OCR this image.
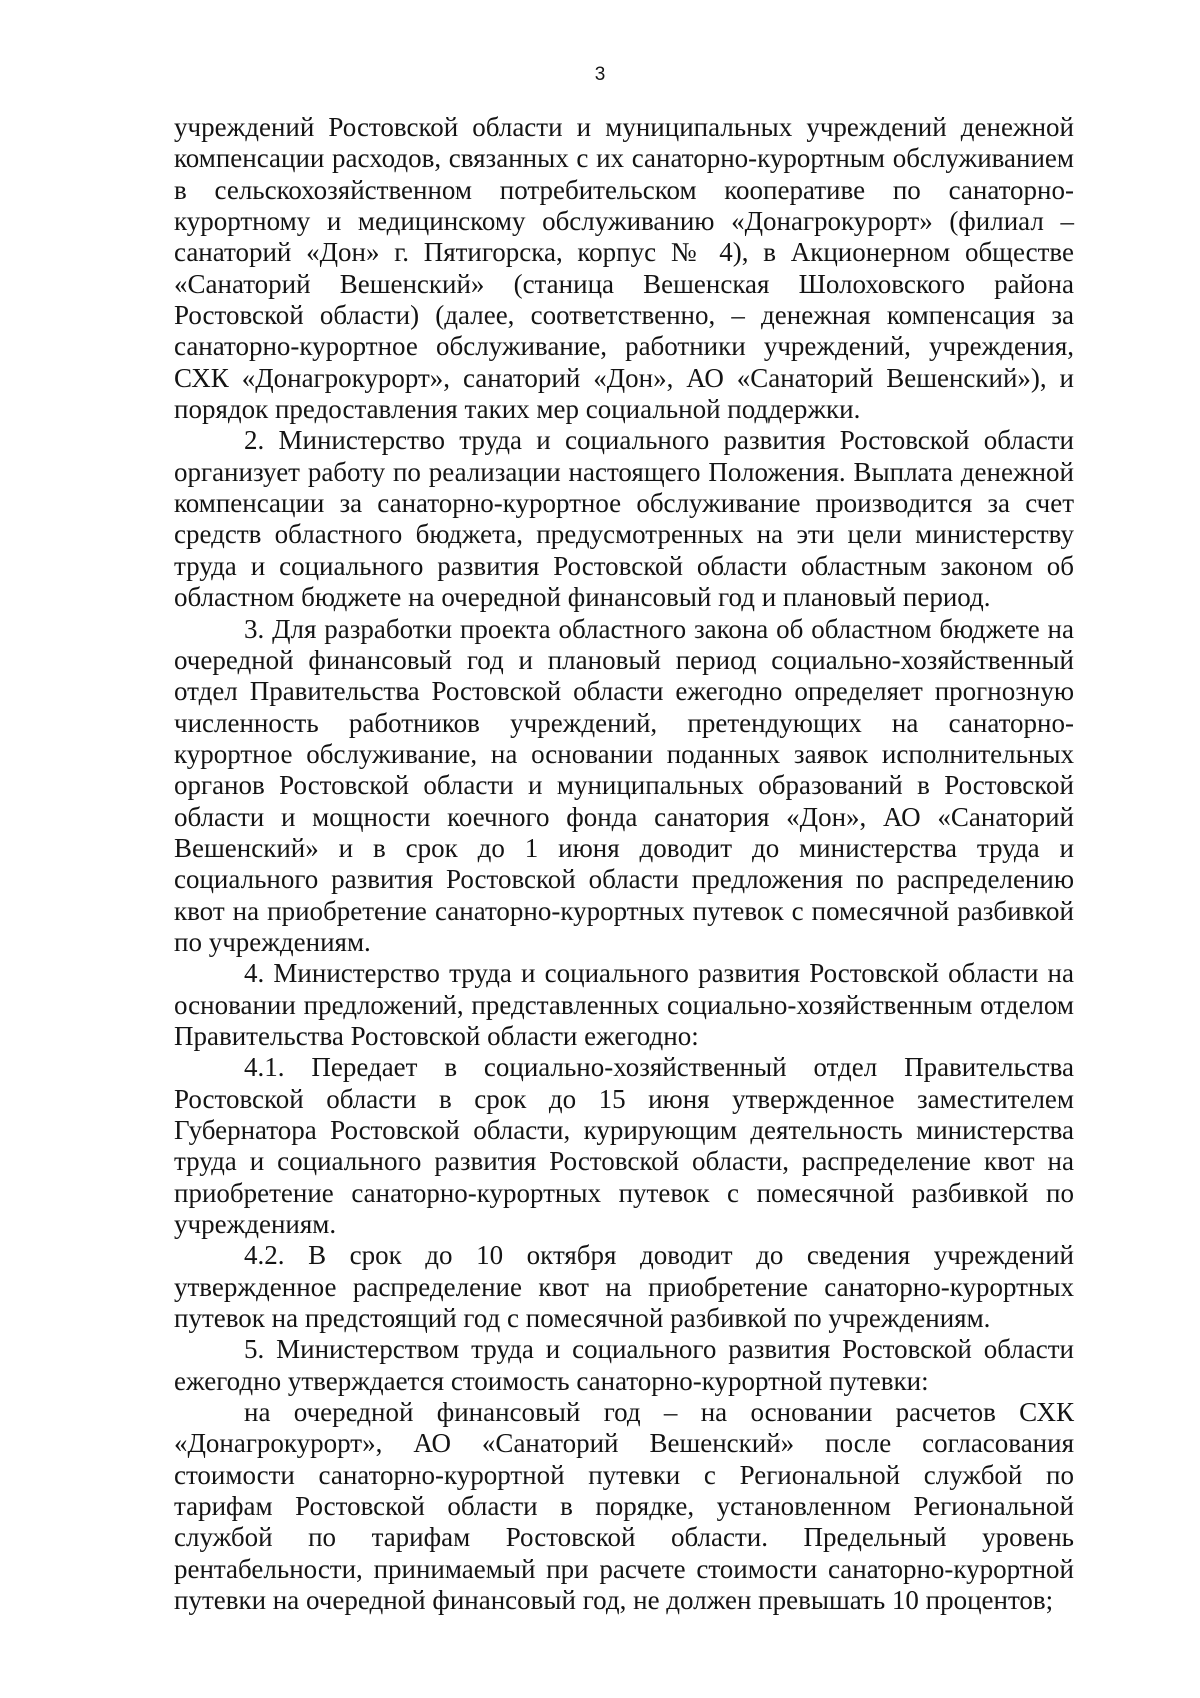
3

учреждений Ростовской области и муниципальных учреждений денежной компенсации расходов, связанных с их санаторно-курортным обслуживанием в сельскохозяйственном потребительском кооперативе по санаторно-курортному и медицинскому обслуживанию «Донагрокурорт» (филиал – санаторий «Дон» г. Пятигорска, корпус № 4), в Акционерном обществе «Санаторий Вешенский» (станица Вешенская Шолоховского района Ростовской области) (далее, соответственно, – денежная компенсация за санаторно-курортное обслуживание, работники учреждений, учреждения, СХК «Донагрокурорт», санаторий «Дон», АО «Санаторий Вешенский»), и порядок предоставления таких мер социальной поддержки.

2. Министерство труда и социального развития Ростовской области организует работу по реализации настоящего Положения. Выплата денежной компенсации за санаторно-курортное обслуживание производится за счет средств областного бюджета, предусмотренных на эти цели министерству труда и социального развития Ростовской области областным законом об областном бюджете на очередной финансовый год и плановый период.

3. Для разработки проекта областного закона об областном бюджете на очередной финансовый год и плановый период социально-хозяйственный отдел Правительства Ростовской области ежегодно определяет прогнозную численность работников учреждений, претендующих на санаторно-курортное обслуживание, на основании поданных заявок исполнительных органов Ростовской области и муниципальных образований в Ростовской области и мощности коечного фонда санатория «Дон», АО «Санаторий Вешенский» и в срок до 1 июня доводит до министерства труда и социального развития Ростовской области предложения по распределению квот на приобретение санаторно-курортных путевок с помесячной разбивкой по учреждениям.

4. Министерство труда и социального развития Ростовской области на основании предложений, представленных социально-хозяйственным отделом Правительства Ростовской области ежегодно:

4.1. Передает в социально-хозяйственный отдел Правительства Ростовской области в срок до 15 июня утвержденное заместителем Губернатора Ростовской области, курирующим деятельность министерства труда и социального развития Ростовской области, распределение квот на приобретение санаторно-курортных путевок с помесячной разбивкой по учреждениям.

4.2. В срок до 10 октября доводит до сведения учреждений утвержденное распределение квот на приобретение санаторно-курортных путевок на предстоящий год с помесячной разбивкой по учреждениям.

5. Министерством труда и социального развития Ростовской области ежегодно утверждается стоимость санаторно-курортной путевки:

на очередной финансовый год – на основании расчетов СХК «Донагрокурорт», АО «Санаторий Вешенский» после согласования стоимости санаторно-курортной путевки с Региональной службой по тарифам Ростовской области в порядке, установленном Региональной службой по тарифам Ростовской области. Предельный уровень рентабельности, принимаемый при расчете стоимости санаторно-курортной путевки на очередной финансовый год, не должен превышать 10 процентов;
